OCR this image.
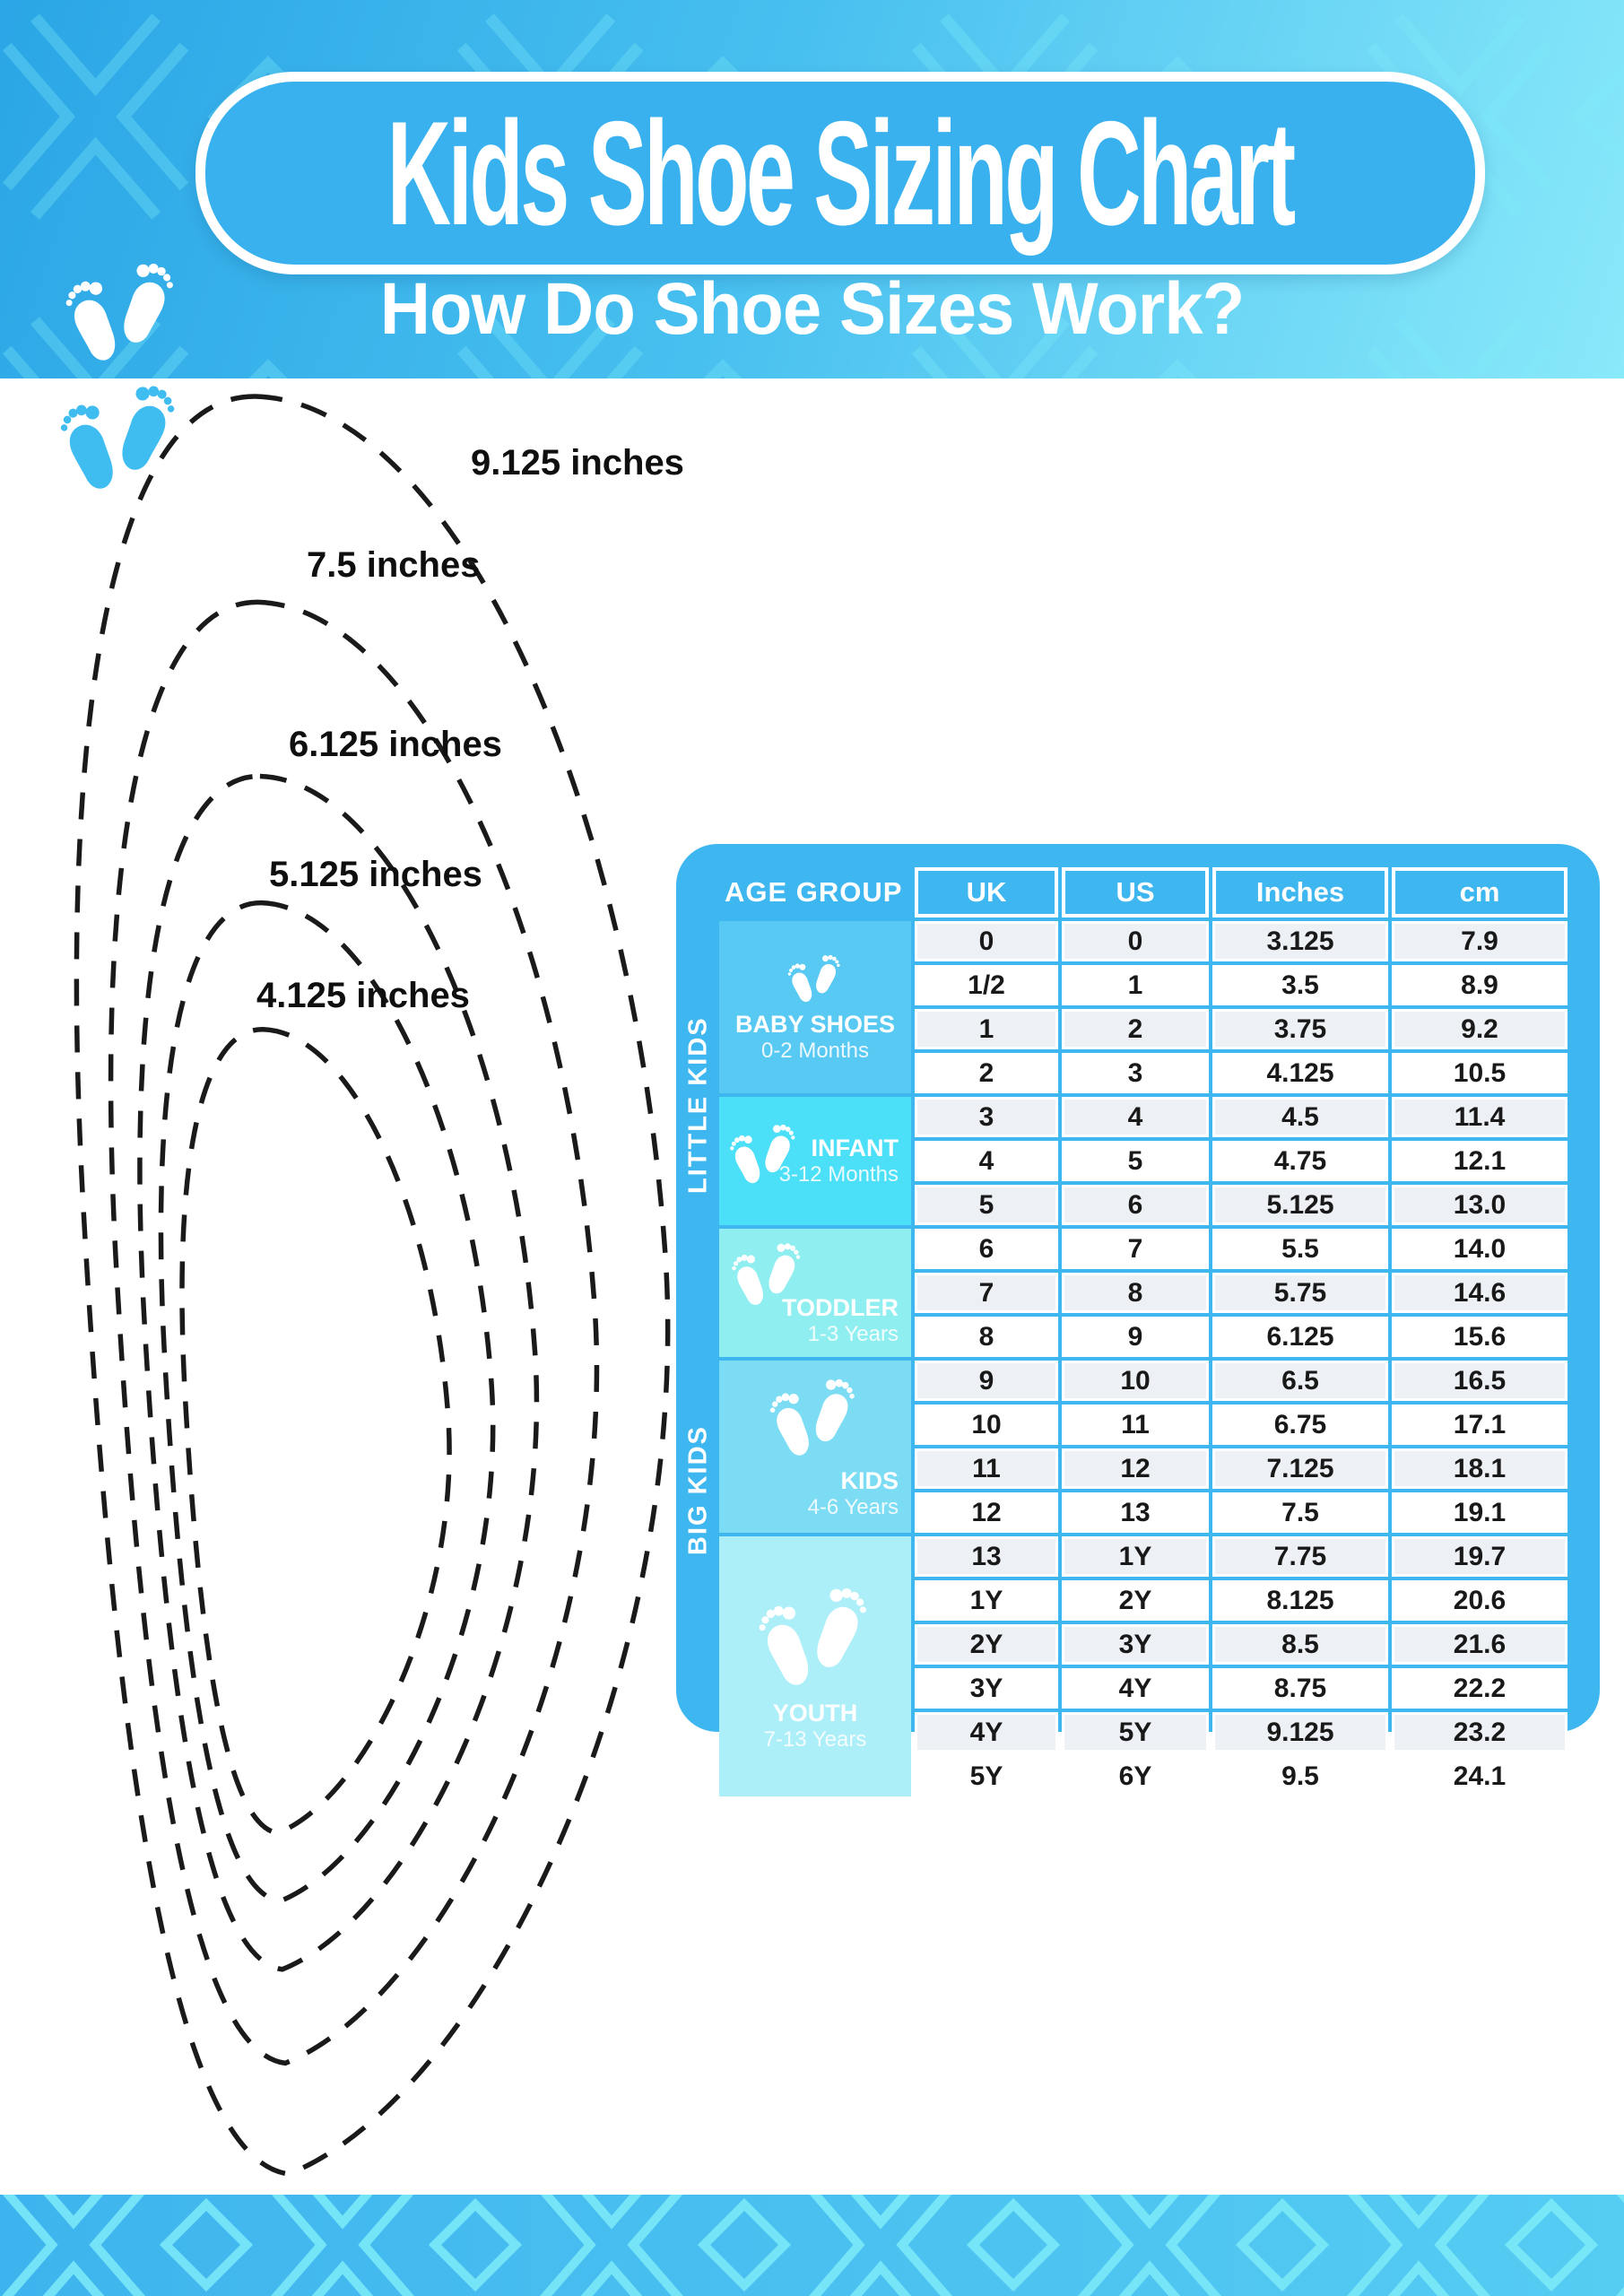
Kids Shoe Sizing Chart
How Do Shoe Sizes Work?
9.125 inches
7.5 inches
6.125 inches
5.125 inches
4.125 inches
LITTLE KIDS
BIG KIDS
AGE GROUP	UK	US	Inches	cm

BABY SHOES
0-2 Months	0	0	3.125	7.9
	1/2	1	3.5	8.9
	1	2	3.75	9.2
	2	3	4.125	10.5

INFANT
3-12 Months	3	4	4.5	11.4
	4	5	4.75	12.1
	5	6	5.125	13.0

TODDLER
1-3 Years	6	7	5.5	14.0
	7	8	5.75	14.6
	8	9	6.125	15.6

KIDS
4-6 Years	9	10	6.5	16.5
	10	11	6.75	17.1
	11	12	7.125	18.1
	12	13	7.5	19.1

YOUTH
7-13 Years	13	1Y	7.75	19.7
	1Y	2Y	8.125	20.6
	2Y	3Y	8.5	21.6
	3Y	4Y	8.75	22.2
	4Y	5Y	9.125	23.2
	5Y	6Y	9.5	24.1
